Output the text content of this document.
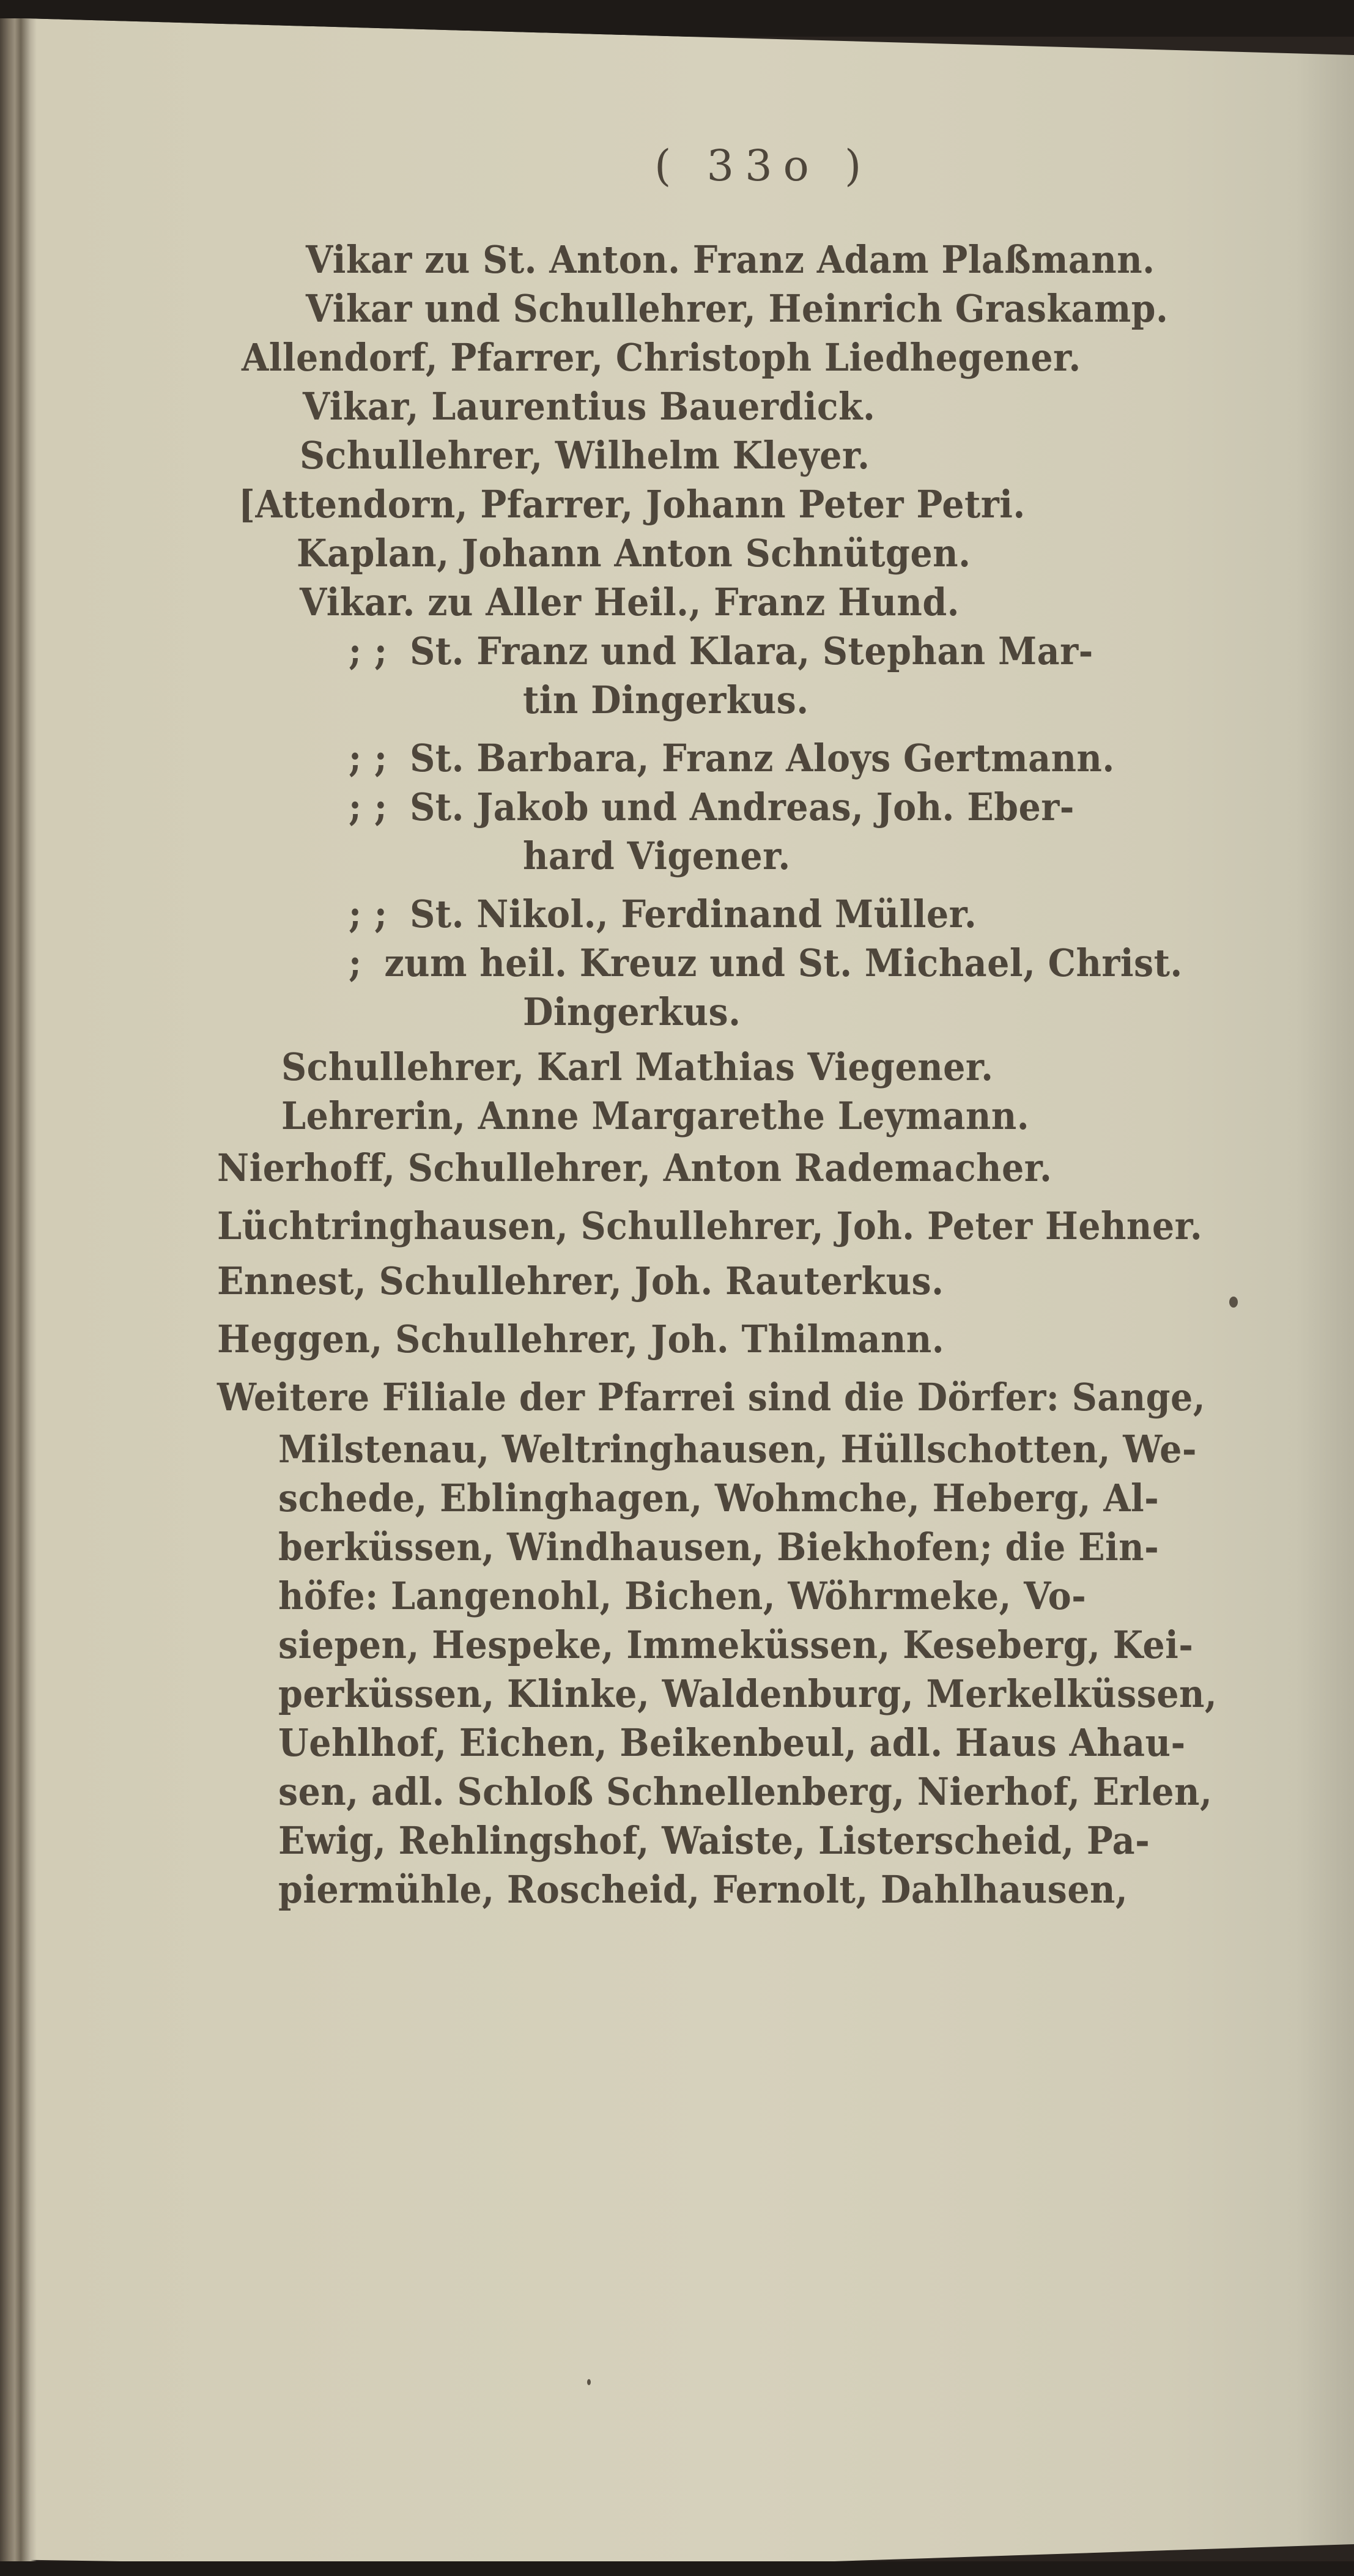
( 33o )
Vikar zu St. Anton. Franz Adam Plaßmann.
Vikar und Schullehrer, Heinrich Graskamp.
Allendorf, Pfarrer, Christoph Liedhegener.
Vikar, Laurentius Bauerdick.
Schullehrer, Wilhelm Kleyer.
[Attendorn, Pfarrer, Johann Peter Petri.
Kaplan, Johann Anton Schnütgen.
Vikar. zu Aller Heil., Franz Hund.
; ; St. Franz und Klara, Stephan Mar-
tin Dingerkus.
; ; St. Barbara, Franz Aloys Gertmann.
; ; St. Jakob und Andreas, Joh. Eber-
hard Vigener.
; ; St. Nikol., Ferdinand Müller.
; zum heil. Kreuz und St. Michael, Christ.
Dingerkus.
Schullehrer, Karl Mathias Viegener.
Lehrerin, Anne Margarethe Leymann.
Nierhoff, Schullehrer, Anton Rademacher.
Lüchtringhausen, Schullehrer, Joh. Peter Hehner.
Ennest, Schullehrer, Joh. Rauterkus.
Heggen, Schullehrer, Joh. Thilmann.
Weitere Filiale der Pfarrei sind die Dörfer: Sange,
Milstenau, Weltringhausen, Hüllschotten, We-
schede, Eblinghagen, Wohmche, Heberg, Al-
berküssen, Windhausen, Biekhofen; die Ein-
höfe: Langenohl, Bichen, Wöhrmeke, Vo-
siepen, Hespeke, Immeküssen, Keseberg, Kei-
perküssen, Klinke, Waldenburg, Merkelküssen,
Uehlhof, Eichen, Beikenbeul, adl. Haus Ahau-
sen, adl. Schloß Schnellenberg, Nierhof, Erlen,
Ewig, Rehlingshof, Waiste, Listerscheid, Pa-
piermühle, Roscheid, Fernolt, Dahlhausen,
